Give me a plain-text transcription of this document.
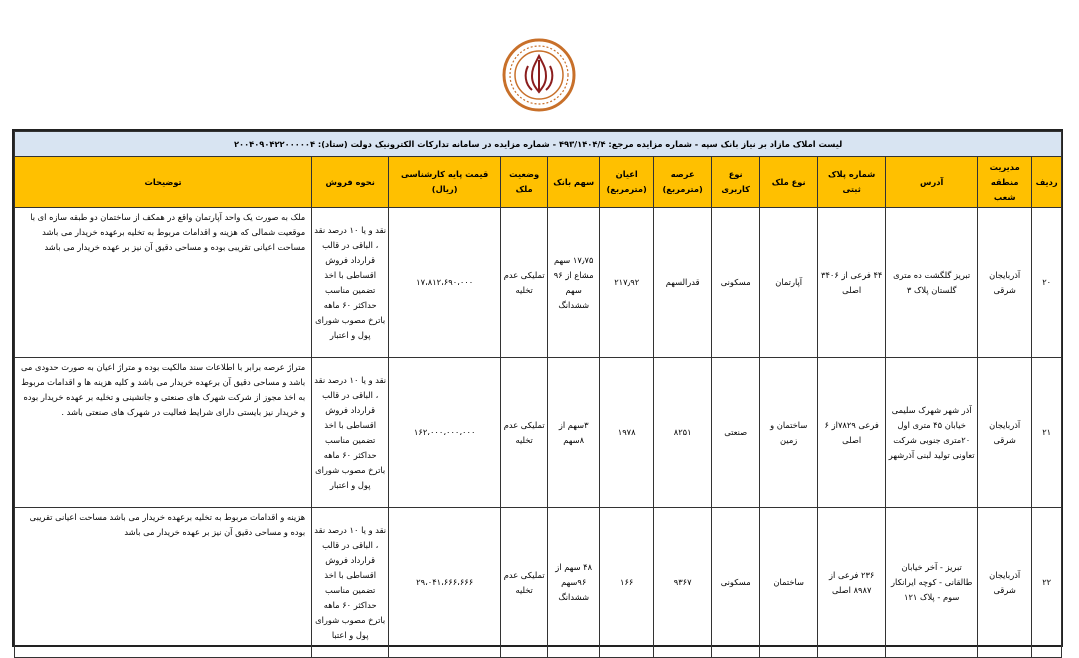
لیست املاک مازاد بر نیاز بانک سپه - شماره مزایده مرجع: ۴۹۳/۱۴۰۴/۴ - شماره مزایده در سامانه تدارکات الکترونیک دولت (ستاد): ۲۰۰۴۰۹۰۴۲۲۰۰۰۰۰۴												
ردیف	مدیریت منطقه شعب	آدرس	شماره پلاک ثبتی	نوع ملک	نوع کاربری	عرصه (مترمربع)	اعیان (مترمربع)	سهم بانک	وضعیت ملک	قیمت پایه کارشناسی (ریال)	نحوه فروش	توضیحات
۲۰	آذربایجان شرقی	تبریز گلگشت ده متری گلستان پلاک ۳	۴۴ فرعی از ۳۴۰۶ اصلی	آپارتمان	مسکونی	قدرالسهم	۲۱۷٫۹۲	۱۷٫۷۵ سهم مشاع از ۹۶ سهم ششدانگ	تملیکی عدم تخلیه	۱۷،۸۱۲،۶۹۰،۰۰۰	نقد و یا ۱۰ درصد نقد ، الباقی در قالب قرارداد فروش اقساطی با اخذ تضمین مناسب حداکثر ۶۰ ماهه باترخ مصوب شورای پول و اعتبار	ملک به صورت یک واحد آپارتمان واقع در همکف از ساختمان دو طبقه سازه ای با موقعیت شمالی که هزینه و اقدامات مربوط به تخلیه برعهده خریدار می باشد مساحت اعیانی تقریبی بوده و مساحی دقیق آن نیز بر عهده خریدار می باشد
۲۱	آذربایجان شرقی	آذر شهر شهرک سلیمی خیابان ۴۵ متری اول ۲۰متری جنوبی شرکت تعاونی تولید لبنی آذرشهر	فرعی ۷۸۲۹از ۶ اصلی	ساختمان و زمین	صنعتی	۸۲۵۱	۱۹۷۸	۳سهم از ۸سهم	تملیکی عدم تخلیه	۱۶۲،۰۰۰،۰۰۰،۰۰۰	نقد و یا ۱۰ درصد نقد ، الباقی در قالب قرارداد فروش اقساطی با اخذ تضمین مناسب حداکثر ۶۰ ماهه باترخ مصوب شورای پول و اعتبار	متراژ عرصه برابر با اطلاعات سند مالکیت بوده و متراژ اعیان به صورت حدودی می باشد و مساحی دقیق آن برعهده خریدار می باشد و کلیه هزینه ها و اقدامات مربوط به اخذ مجوز از شرکت شهرک های صنعتی و جانشینی و تخلیه بر عهده خریدار بوده و خریدار نیز بایستی دارای شرایط فعالیت در شهرک های صنعتی باشد .
۲۲	آذربایجان شرقی	تبریز - آخر خیابان طالقانی - کوچه ایرانکار سوم - پلاک ۱۲۱	۲۳۶ فرعی از ۸۹۸۷ اصلی	ساختمان	مسکونی	۹۳۶۷	۱۶۶	۴۸ سهم از ۹۶سهم ششدانگ	تملیکی عدم تخلیه	۲۹،۰۴۱،۶۶۶،۶۶۶	نقد و یا ۱۰ درصد نقد ، الباقی در قالب قرارداد فروش اقساطی با اخذ تضمین مناسب حداکثر ۶۰ ماهه باترخ مصوب شورای پول و اعتبا	هزینه و اقدامات مربوط به تخلیه برعهده خریدار می باشد مساحت اعیانی تقریبی بوده و مساحی دقیق آن نیز بر عهده خریدار می باشد
